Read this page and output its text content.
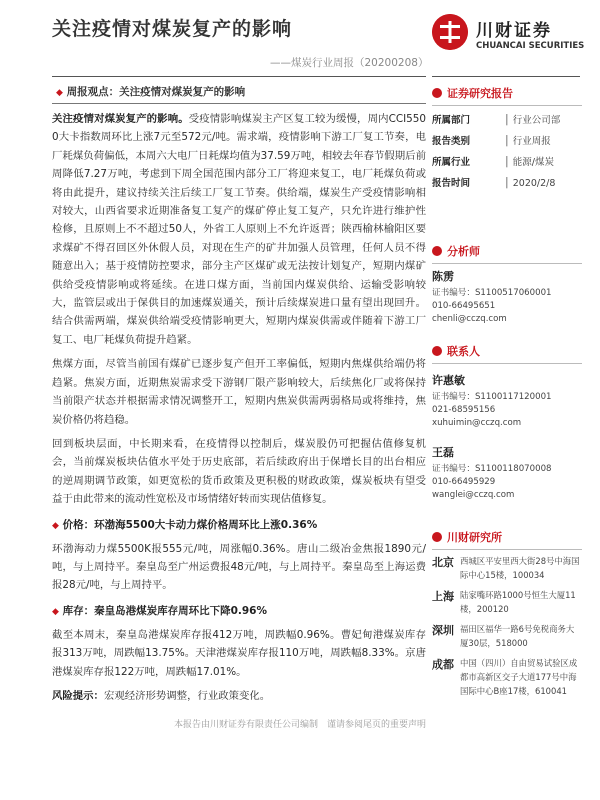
关注疫情对煤炭复产的影响
——煤炭行业周报（20200208）
川财证券
CHUANCAI SECURITIES
◆ 周报观点：关注疫情对煤炭复产的影响

关注疫情对煤炭复产的影响。受疫情影响煤炭主产区复工较为缓慢，周内CCI5500大卡指数周环比上涨7元至572元/吨。需求端，疫情影响下游工厂复工节奏，电厂耗煤负荷偏低，本周六大电厂日耗煤均值为37.59万吨，相较去年春节假期后前周降低7.27万吨，考虑到下周全国范围内部分工厂将迎来复工，电厂耗煤负荷或将由此提升，建议持续关注后续工厂复工节奏。供给端，煤炭生产受疫情影响相对较大，山西省要求近期准备复工复产的煤矿停止复工复产，只允许进行维护性检修，且原则上不不超过50人，外省工人原则上不允许返晋；陕西榆林榆阳区要求煤矿不得召回区外休假人员，对现在生产的矿井加强人员管理，任何人员不得随意出入；基于疫情防控要求，部分主产区煤矿或无法按计划复产，短期内煤矿供给受疫情影响或将延续。在进口煤方面，当前国内煤炭供给、运输受影响较大，监管层或出于保供目的加速煤炭通关，预计后续煤炭进口量有望出现回升。结合供需两端，煤炭供给端受疫情影响更大，短期内煤炭供需或伴随着下游工厂复工、电厂耗煤负荷提升趋紧。

焦煤方面，尽管当前国有煤矿已逐步复产但开工率偏低，短期内焦煤供给端仍将趋紧。焦炭方面，近期焦炭需求受下游钢厂限产影响较大，后续焦化厂或将保持当前限产状态并根据需求情况调整开工，短期内焦炭供需两弱格局或将维持，焦炭价格仍将趋稳。

回到板块层面，中长期来看，在疫情得以控制后，煤炭股仍可把握估值修复机会，当前煤炭板块估值水平处于历史底部，若后续政府出于保增长目的出台相应的逆周期调节政策，如更宽松的货币政策及更积极的财政政策，煤炭板块有望受益于由此带来的流动性宽松及市场情绪好转而实现估值修复。

◆ 价格：环渤海5500大卡动力煤价格周环比上涨0.36%

环渤海动力煤5500K报555元/吨，周涨幅0.36%。唐山二级冶金焦报1890元/吨，与上周持平。秦皇岛至广州运费报48元/吨，与上周持平。秦皇岛至上海运费报28元/吨，与上周持平。

◆ 库存：秦皇岛港煤炭库存周环比下降0.96%

截至本周末，秦皇岛港煤炭库存报412万吨，周跌幅0.96%。曹妃甸港煤炭库存报313万吨，周跌幅13.75%。天津港煤炭库存报110万吨，周跌幅8.33%。京唐港煤炭库存报122万吨，周跌幅17.01%。

风险提示：宏观经济形势调整，行业政策变化。

证券研究报告
所属部门	│ 行业公司部
报告类别	│ 行业周报
所属行业	│ 能源/煤炭
报告时间	│ 2020/2/8
分析师
陈雳
证书编号：S1100517060001
010-66495651
chenli@cczq.com
联系人
许惠敏
证书编号：S1100117120001
021-68595156
xuhuimin@cczq.com
王磊
证书编号：S1100118070008
010-66495929
wanglei@cczq.com
川财研究所
北京 西城区平安里西大街28号中海国际中心15楼，100034
上海 陆家嘴环路1000号恒生大厦11楼，200120
深圳 福田区福华一路6号免税商务大厦30层，518000
成都 中国（四川）自由贸易试验区成都市高新区交子大道177号中海国际中心B座17楼，610041
本报告由川财证券有限责任公司编制　谨请参阅尾页的重要声明
